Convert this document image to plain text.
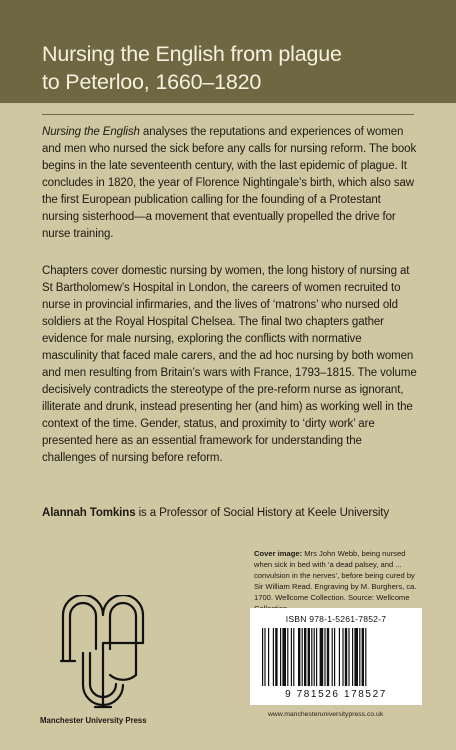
Nursing the English from plague
to Peterloo, 1660–1820

Nursing the English analyses the reputations and experiences of women and men who nursed the sick before any calls for nursing reform. The book begins in the late seventeenth century, with the last epidemic of plague. It concludes in 1820, the year of Florence Nightingale’s birth, which also saw the first European publication calling for the founding of a Protestant nursing sisterhood—a movement that eventually propelled the drive for nurse training.

Chapters cover domestic nursing by women, the long history of nursing at St Bartholomew’s Hospital in London, the careers of women recruited to nurse in provincial infirmaries, and the lives of ‘matrons’ who nursed old soldiers at the Royal Hospital Chelsea. The final two chapters gather evidence for male nursing, exploring the conflicts with normative masculinity that faced male carers, and the ad hoc nursing by both women and men resulting from Britain’s wars with France, 1793–1815. The volume decisively contradicts the stereotype of the pre-reform nurse as ignorant, illiterate and drunk, instead presenting her (and him) as working well in the context of the time. Gender, status, and proximity to ‘dirty work’ are presented here as an essential framework for understanding the challenges of nursing before reform.

Alannah Tomkins is a Professor of Social History at Keele University

Cover image: Mrs John Webb, being nursed when sick in bed with ‘a dead palsey, and ... convulsion in the nerves’, before being cured by Sir William Read. Engraving by M. Burghers, ca. 1700. Wellcome Collection. Source: Wellcome

Manchester University Press
ISBN 978-1-5261-7852-7
9 781526 178527
www.manchesteruniversitypress.co.uk
